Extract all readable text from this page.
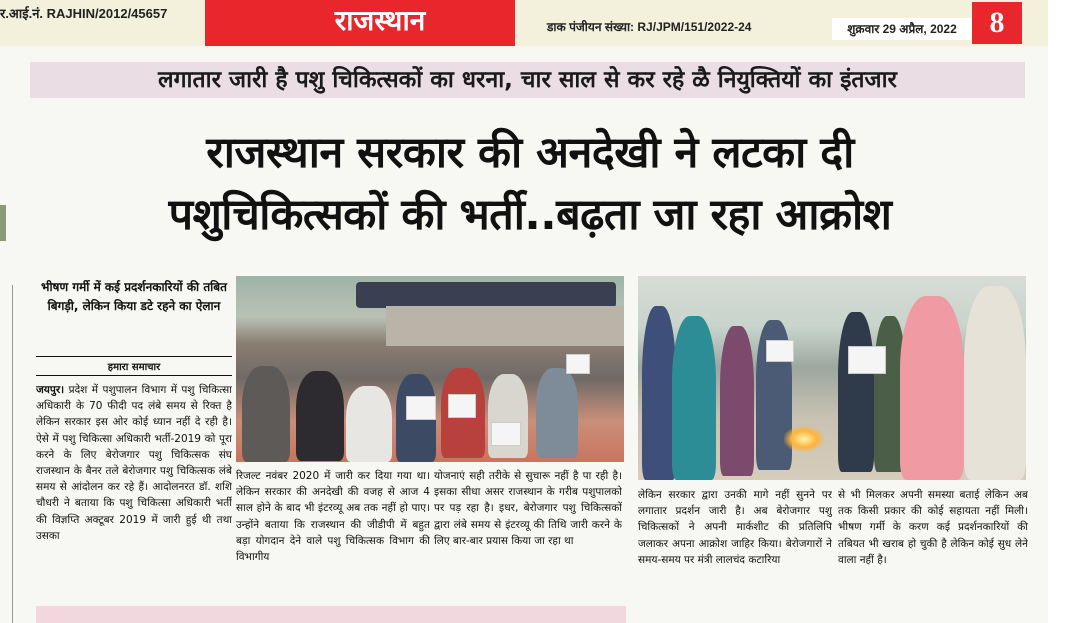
र.आई.नं. RAJHIN/2012/45657	राजस्थान	डाक पंजीयन संख्या: RJ/JPM/151/2022-24	शुक्रवार 29 अप्रैल, 2022	8
लगातार जारी है पशु चिकित्सकों का धरना, चार साल से कर रहे ळै नियुक्तियों का इंतजार
राजस्थान सरकार की अनदेखी ने लटका दी
पशुचिकित्सकों की भर्ती..बढ़ता जा रहा आक्रोश
भीषण गर्मी में कई प्रदर्शनकारियों की तबित बिगड़ी, लेकिन किया डटे रहने का ऐलान
हमारा समाचार
जयपुर। प्रदेश में पशुपालन विभाग में पशु चिकित्सा अधिकारी के 70 फीदी पद लंबे समय से रिक्त है लेकिन सरकार इस ओर कोई ध्यान नहीं दे रही है। ऐसे में पशु चिकित्सा अधिकारी भर्ती-2019 को पूरा करने के लिए बेरोजगार पशु चिकित्सक संघ राजस्थान के बैनर तले बेरोजगार पशु चिकित्सक लंबे समय से आंदोलन कर रहे हैं। आदोलनरत डॉ. शशि चौधरी ने बताया कि पशु चिकित्सा अधिकारी भर्ती की विज्ञप्ति अक्टूबर 2019 में जारी हुई थी तथा उसका
रिजल्ट नवंबर 2020 में जारी कर दिया गया था। लेकिन सरकार की अनदेखी की वजह से आज 4 साल होने के बाद भी इंटरव्यू अब तक नहीं हो पाए। उन्होंने बताया कि राजस्थान की जीडीपी में बहुत बड़ा योगदान देने वाले पशु चिकित्सक विभाग की विभागीय
योजनाएं सही तरीके से सुचारू नहीं है पा रही है। इसका सीधा असर राजस्थान के गरीब पशुपालको पर पड़ रहा है। इधर, बेरोजगार पशु चिकित्सकों द्वारा लंबे समय से इंटरव्यू की तिथि जारी करने के लिए बार-बार प्रयास किया जा रहा था
लेकिन सरकार द्वारा उनकी मागे नहीं सुनने पर लगातार प्रदर्शन जारी है। अब बेरोजगार पशु चिकित्सकों ने अपनी मार्कशीट की प्रतिलिपि जलाकर अपना आक्रोश जाहिर किया। बेरोजगारों ने समय-समय पर मंत्री लालचंद कटारिया
से भी मिलकर अपनी समस्या बताई लेकिन अब तक किसी प्रकार की कोई सहायता नहीं मिली। भीषण गर्मी के करण कई प्रदर्शनकारियों की तबियत भी खराब हो चुकी है लेकिन कोई सुध लेने वाला नहीं है।
